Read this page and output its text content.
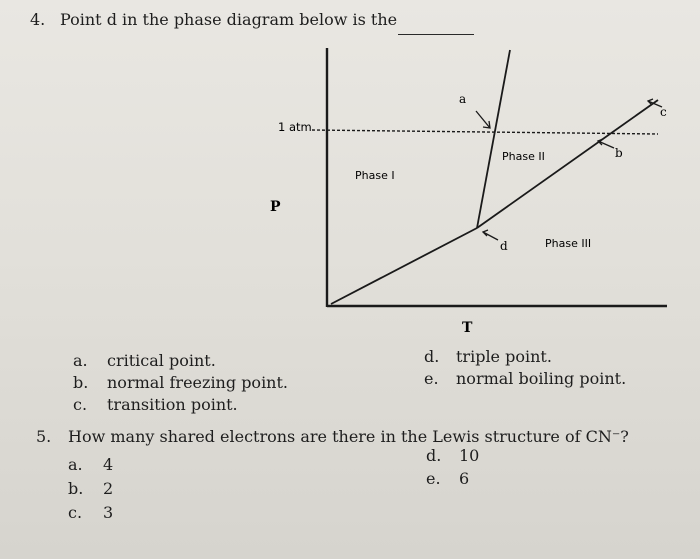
4. Point d in the phase diagram below is the
1 atm
a
b
c
d
Phase I
Phase II
Phase III
P
T
a. critical point.
b. normal freezing point.
c. transition point.
d. triple point.
e. normal boiling point.
5. How many shared electrons are there in the Lewis structure of CN⁻?
a. 4
b. 2
c. 3
d. 10
e. 6
